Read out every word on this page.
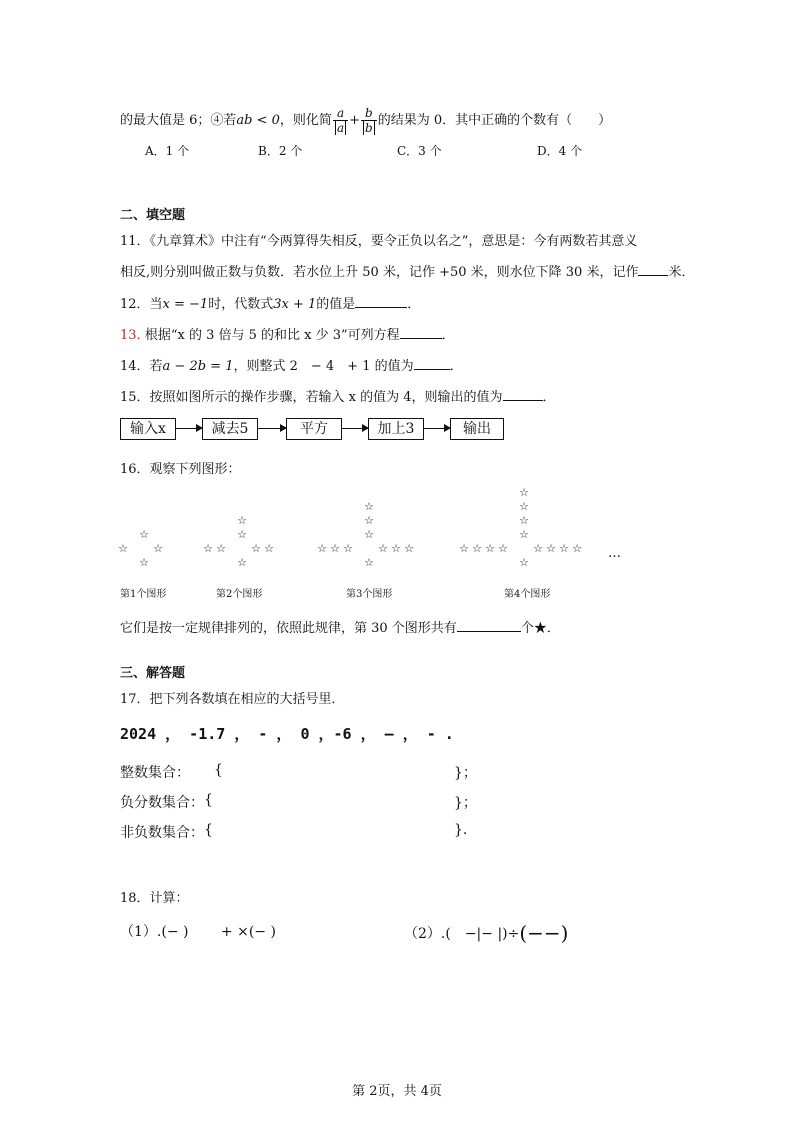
的最大值是 6；④若ab < 0，则化简 $\frac{a}{a} + \frac{b}{b}$ 的结果为 0．其中正确的个数有（　　）
A．1 个	B．2 个	C．3 个	D．4 个
二、填空题
11．《九章算术》中注有“今两算得失相反，要令正负以名之”，意思是：今有两数若其意义
相反,则分别叫做正数与负数．若水位上升 50 米，记作 +50 米，则水位下降 30 米，记作 米．
12．当x = −1时，代数式3x + 1的值是	．
13. 根据“x 的 3 倍与 5 的和比 x 少 3”可列方程	．
14．若a − 2b = 1，则整式 2　− 4　+ 1 的值为	．
15．按照如图所示的操作步骤，若输入 x 的值为 4，则输出的值为	．
输入x	减去5	平方	加上3	输出
16．观察下列图形：
☆ ☆
☆
☆
☆ ☆
☆	☆
☆
☆
☆
☆ ☆
☆	☆
☆	☆
☆
☆
☆
☆
☆ ☆
☆	☆
☆	☆
☆	☆
☆
☆
☆
☆
☆
…
第1个图形	第2个图形	第3个图形	第4个图形
它们是按一定规律排列的，依照此规律，第 30 个图形共有	个★．
三、解答题
17．把下列各数填在相应的大括号里．
2024 ， -1.7 ， - ， 0 ，-6 ， — ， - .
整数集合： {	}；
负分数集合： {	}；
非负数集合： {	}.
18．计算：
（1）.(− )　　 + ×(− )	（2）.(　−|− |)÷(−−)
第 2页，共 4页
